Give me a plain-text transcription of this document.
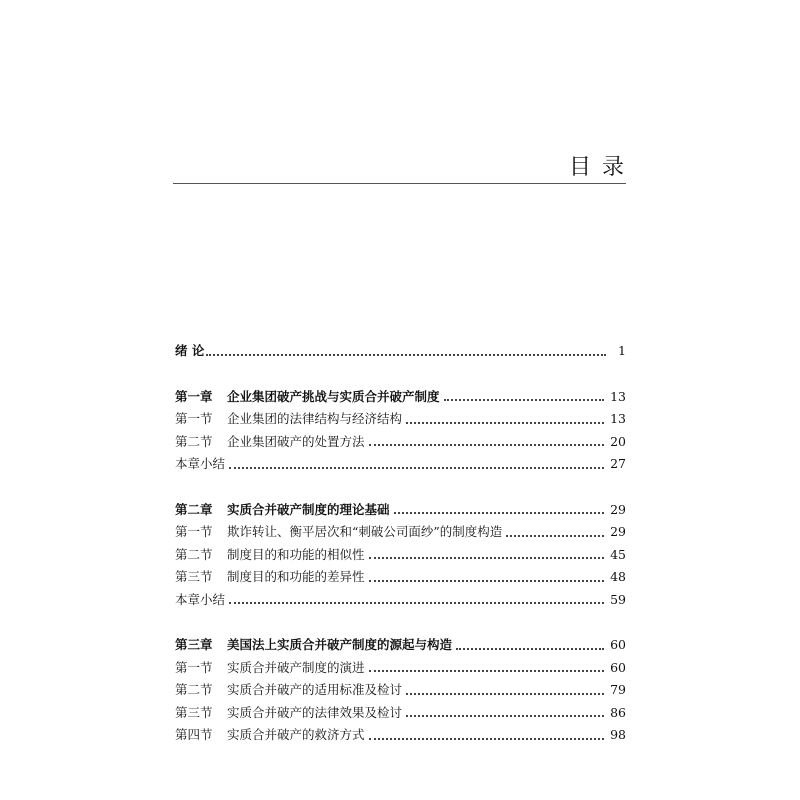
目 录
绪 论	1
第一章	企业集团破产挑战与实质合并破产制度	13
第一节	企业集团的法律结构与经济结构	13
第二节	企业集团破产的处置方法	20
本章小结	27
第二章	实质合并破产制度的理论基础	29
第一节	欺诈转让、衡平居次和“刺破公司面纱”的制度构造	29
第二节	制度目的和功能的相似性	45
第三节	制度目的和功能的差异性	48
本章小结	59
第三章	美国法上实质合并破产制度的源起与构造	60
第一节	实质合并破产制度的演进	60
第二节	实质合并破产的适用标准及检讨	79
第三节	实质合并破产的法律效果及检讨	86
第四节	实质合并破产的救济方式	98
